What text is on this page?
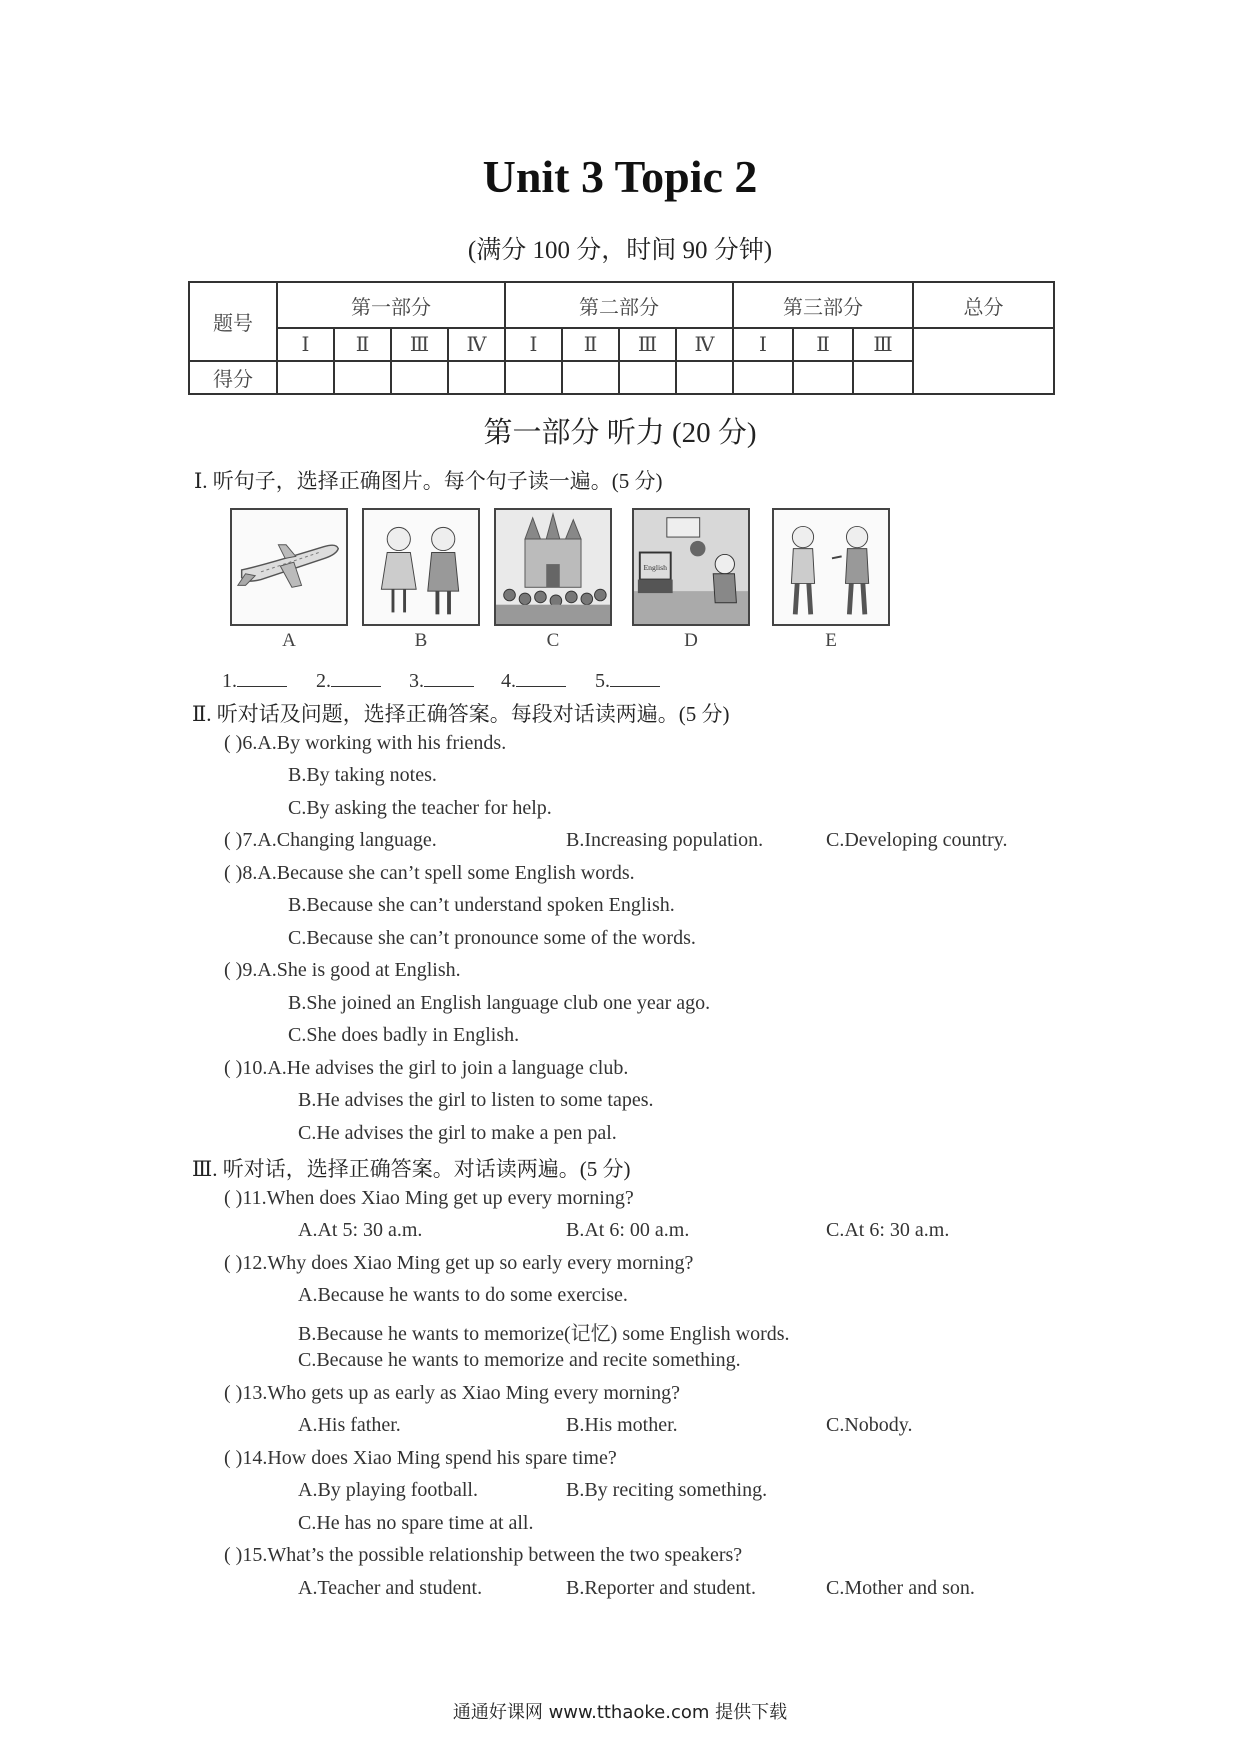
Unit 3 Topic 2
(满分 100 分，时间 90 分钟)
题号	第一部分				第二部分				第三部分			总分
	Ⅰ	Ⅱ	Ⅲ	Ⅳ	Ⅰ	Ⅱ	Ⅲ	Ⅳ	Ⅰ	Ⅱ	Ⅲ	
得分												
第一部分 听力 (20 分)
Ⅰ. 听句子，选择正确图片。每个句子读一遍。(5 分)
A	B	C
English
D	E
1.	2.	3.	4.	5.
Ⅱ. 听对话及问题，选择正确答案。每段对话读两遍。(5 分)
( )6.A.By working with his friends.
B.By taking notes.
C.By asking the teacher for help.
( )7.A.Changing language.	B.Increasing population.	C.Developing country.
( )8.A.Because she can’t spell some English words.
B.Because she can’t understand spoken English.
C.Because she can’t pronounce some of the words.
( )9.A.She is good at English.
B.She joined an English language club one year ago.
C.She does badly in English.
( )10.A.He advises the girl to join a language club.
B.He advises the girl to listen to some tapes.
C.He advises the girl to make a pen pal.
Ⅲ. 听对话，选择正确答案。对话读两遍。(5 分)
( )11.When does Xiao Ming get up every morning?
A.At 5: 30 a.m.	B.At 6: 00 a.m.	C.At 6: 30 a.m.
( )12.Why does Xiao Ming get up so early every morning?
A.Because he wants to do some exercise.
B.Because he wants to memorize(记忆) some English words.
C.Because he wants to memorize and recite something.
( )13.Who gets up as early as Xiao Ming every morning?
A.His father.	B.His mother.	C.Nobody.
( )14.How does Xiao Ming spend his spare time?
A.By playing football.	B.By reciting something.
C.He has no spare time at all.
( )15.What’s the possible relationship between the two speakers?
A.Teacher and student.	B.Reporter and student.	C.Mother and son.
通通好课网 www.tthaoke.com 提供下载
